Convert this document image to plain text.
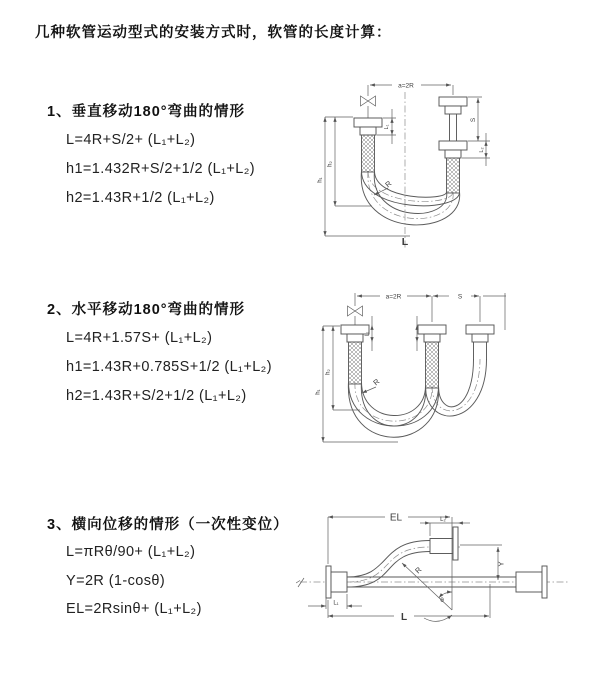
几种软管运动型式的安装方式时，软管的长度计算：
1、垂直移动180°弯曲的情形
L=4R+S/2+ (L₁+L₂)
h1=1.432R+S/2+1/2 (L₁+L₂)
h2=1.43R+1/2 (L₁+L₂)
2、水平移动180°弯曲的情形
L=4R+1.57S+ (L₁+L₂)
h1=1.43R+0.785S+1/2 (L₁+L₂)
h2=1.43R+S/2+1/2 (L₁+L₂)
3、横向位移的情形（一次性变位）
L=πRθ/90+ (L₁+L₂)
Y=2R (1-cosθ)
EL=2Rsinθ+ (L₁+L₂)
a=2R
h₁
h₂
L₁
S
L₂
R
L
a=2R	S
h₁
h₂
L₁
R
EL	L₂
Y
L
L₁
R
θ
